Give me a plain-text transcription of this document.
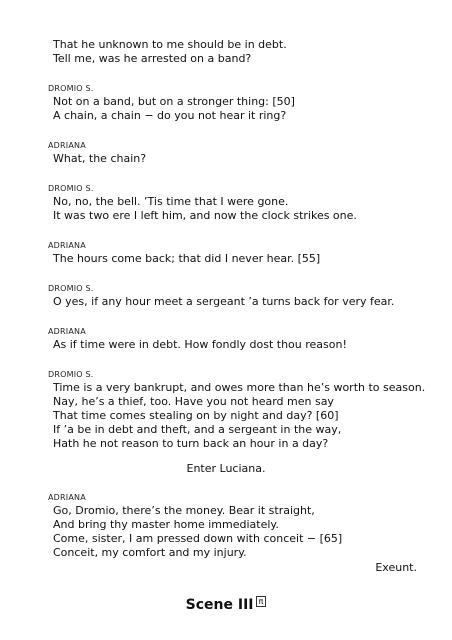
That he unknown to me should be in debt.
Tell me, was he arrested on a band?
DROMIO S.
Not on a band, but on a stronger thing: [50]
A chain, a chain − do you not hear it ring?
ADRIANA
What, the chain?
DROMIO S.
No, no, the bell. ’Tis time that I were gone.
It was two ere I left him, and now the clock strikes one.
ADRIANA
The hours come back; that did I never hear. [55]
DROMIO S.
O yes, if any hour meet a sergeant ’a turns back for very fear.
ADRIANA
As if time were in debt. How fondly dost thou reason!
DROMIO S.
Time is a very bankrupt, and owes more than he’s worth to season.
Nay, he’s a thief, too. Have you not heard men say
That time comes stealing on by night and day? [60]
If ’a be in debt and theft, and a sergeant in the way,
Hath he not reason to turn back an hour in a day?
Enter Luciana.
ADRIANA
Go, Dromio, there’s the money. Bear it straight,
And bring thy master home immediately.
Come, sister, I am pressed down with conceit − [65]
Conceit, my comfort and my injury.
Exeunt.
Scene III π
